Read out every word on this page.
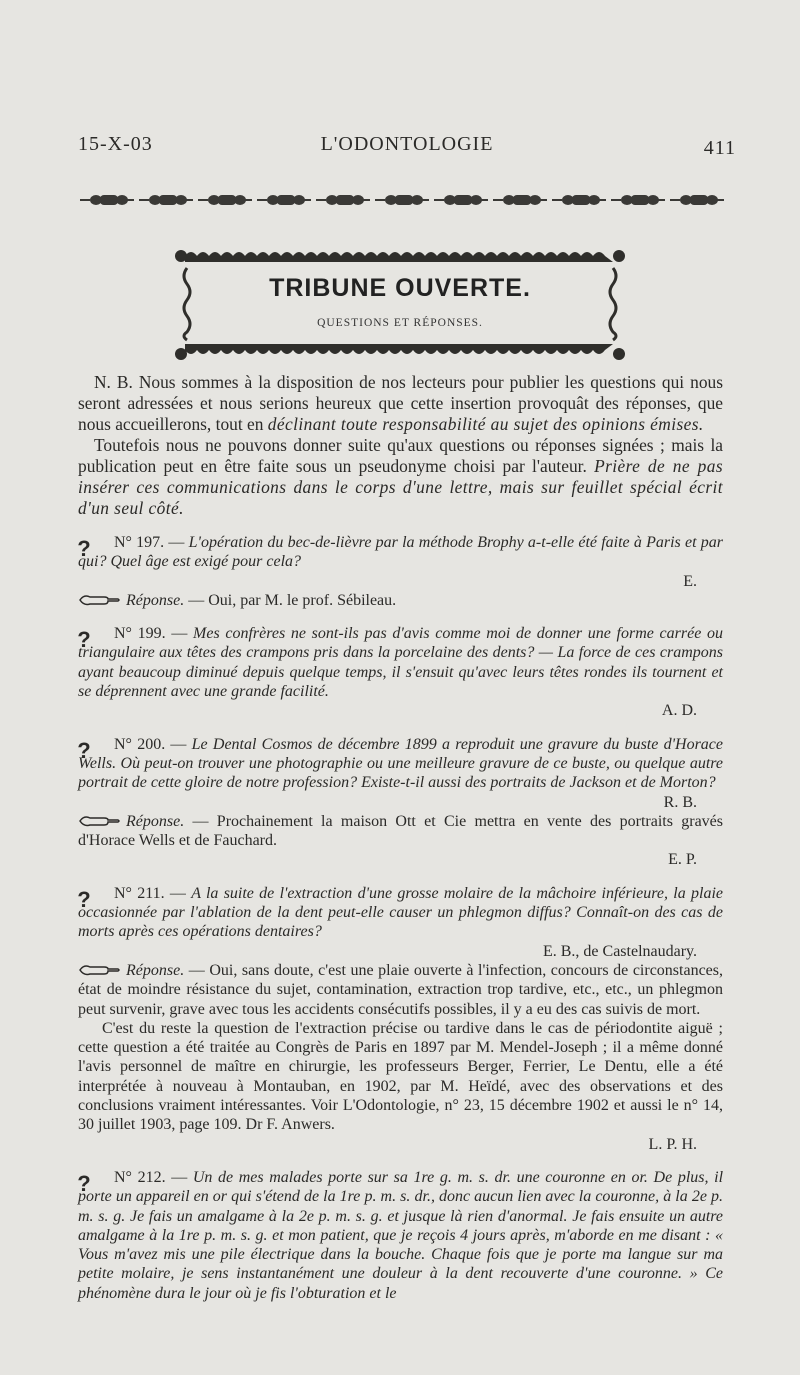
15-X-03	L'ODONTOLOGIE	411
TRIBUNE OUVERTE.
QUESTIONS ET RÉPONSES.

N. B. Nous sommes à la disposition de nos lecteurs pour publier les questions qui nous seront adressées et nous serions heureux que cette insertion provoquât des réponses, que nous accueillerons, tout en déclinant toute responsabilité au sujet des opinions émises.

Toutefois nous ne pouvons donner suite qu'aux questions ou réponses signées ; mais la publication peut en être faite sous un pseudonyme choisi par l'auteur. Prière de ne pas insérer ces communications dans le corps d'une lettre, mais sur feuillet spécial écrit d'un seul côté.

?	N° 197. — L'opération du bec-de-lièvre par la méthode Brophy a-t-elle été faite à Paris et par qui? Quel âge est exigé pour cela?

E.

Réponse. — Oui, par M. le prof. Sébileau.

?	N° 199. — Mes confrères ne sont-ils pas d'avis comme moi de donner une forme carrée ou triangulaire aux têtes des crampons pris dans la porcelaine des dents? — La force de ces crampons ayant beaucoup diminué depuis quelque temps, il s'ensuit qu'avec leurs têtes rondes ils tournent et se déprennent avec une grande facilité.

A. D.

?	N° 200. — Le Dental Cosmos de décembre 1899 a reproduit une gravure du buste d'Horace Wells. Où peut-on trouver une photographie ou une meilleure gravure de ce buste, ou quelque autre portrait de cette gloire de notre profession? Existe-t-il aussi des portraits de Jackson et de Morton?

R. B.

Réponse. — Prochainement la maison Ott et Cie mettra en vente des portraits gravés d'Horace Wells et de Fauchard.

E. P.

?	N° 211. — A la suite de l'extraction d'une grosse molaire de la mâchoire inférieure, la plaie occasionnée par l'ablation de la dent peut-elle causer un phlegmon diffus? Connaît-on des cas de morts après ces opérations dentaires?

E. B., de Castelnaudary.

Réponse. — Oui, sans doute, c'est une plaie ouverte à l'infection, concours de circonstances, état de moindre résistance du sujet, contamination, extraction trop tardive, etc., etc., un phlegmon peut survenir, grave avec tous les accidents consécutifs possibles, il y a eu des cas suivis de mort.

C'est du reste la question de l'extraction précise ou tardive dans le cas de périodontite aiguë ; cette question a été traitée au Congrès de Paris en 1897 par M. Mendel-Joseph ; il a même donné l'avis personnel de maître en chirurgie, les professeurs Berger, Ferrier, Le Dentu, elle a été interprétée à nouveau à Montauban, en 1902, par M. Heïdé, avec des observations et des conclusions vraiment intéressantes. Voir L'Odontologie, n° 23, 15 décembre 1902 et aussi le n° 14, 30 juillet 1903, page 109. Dr F. Anwers.

L. P. H.

?	N° 212. — Un de mes malades porte sur sa 1re g. m. s. dr. une couronne en or. De plus, il porte un appareil en or qui s'étend de la 1re p. m. s. dr., donc aucun lien avec la couronne, à la 2e p. m. s. g. Je fais un amalgame à la 2e p. m. s. g. et jusque là rien d'anormal. Je fais ensuite un autre amalgame à la 1re p. m. s. g. et mon patient, que je reçois 4 jours après, m'aborde en me disant : « Vous m'avez mis une pile électrique dans la bouche. Chaque fois que je porte ma langue sur ma petite molaire, je sens instantanément une douleur à la dent recouverte d'une couronne. » Ce phénomène dura le jour où je fis l'obturation et le
